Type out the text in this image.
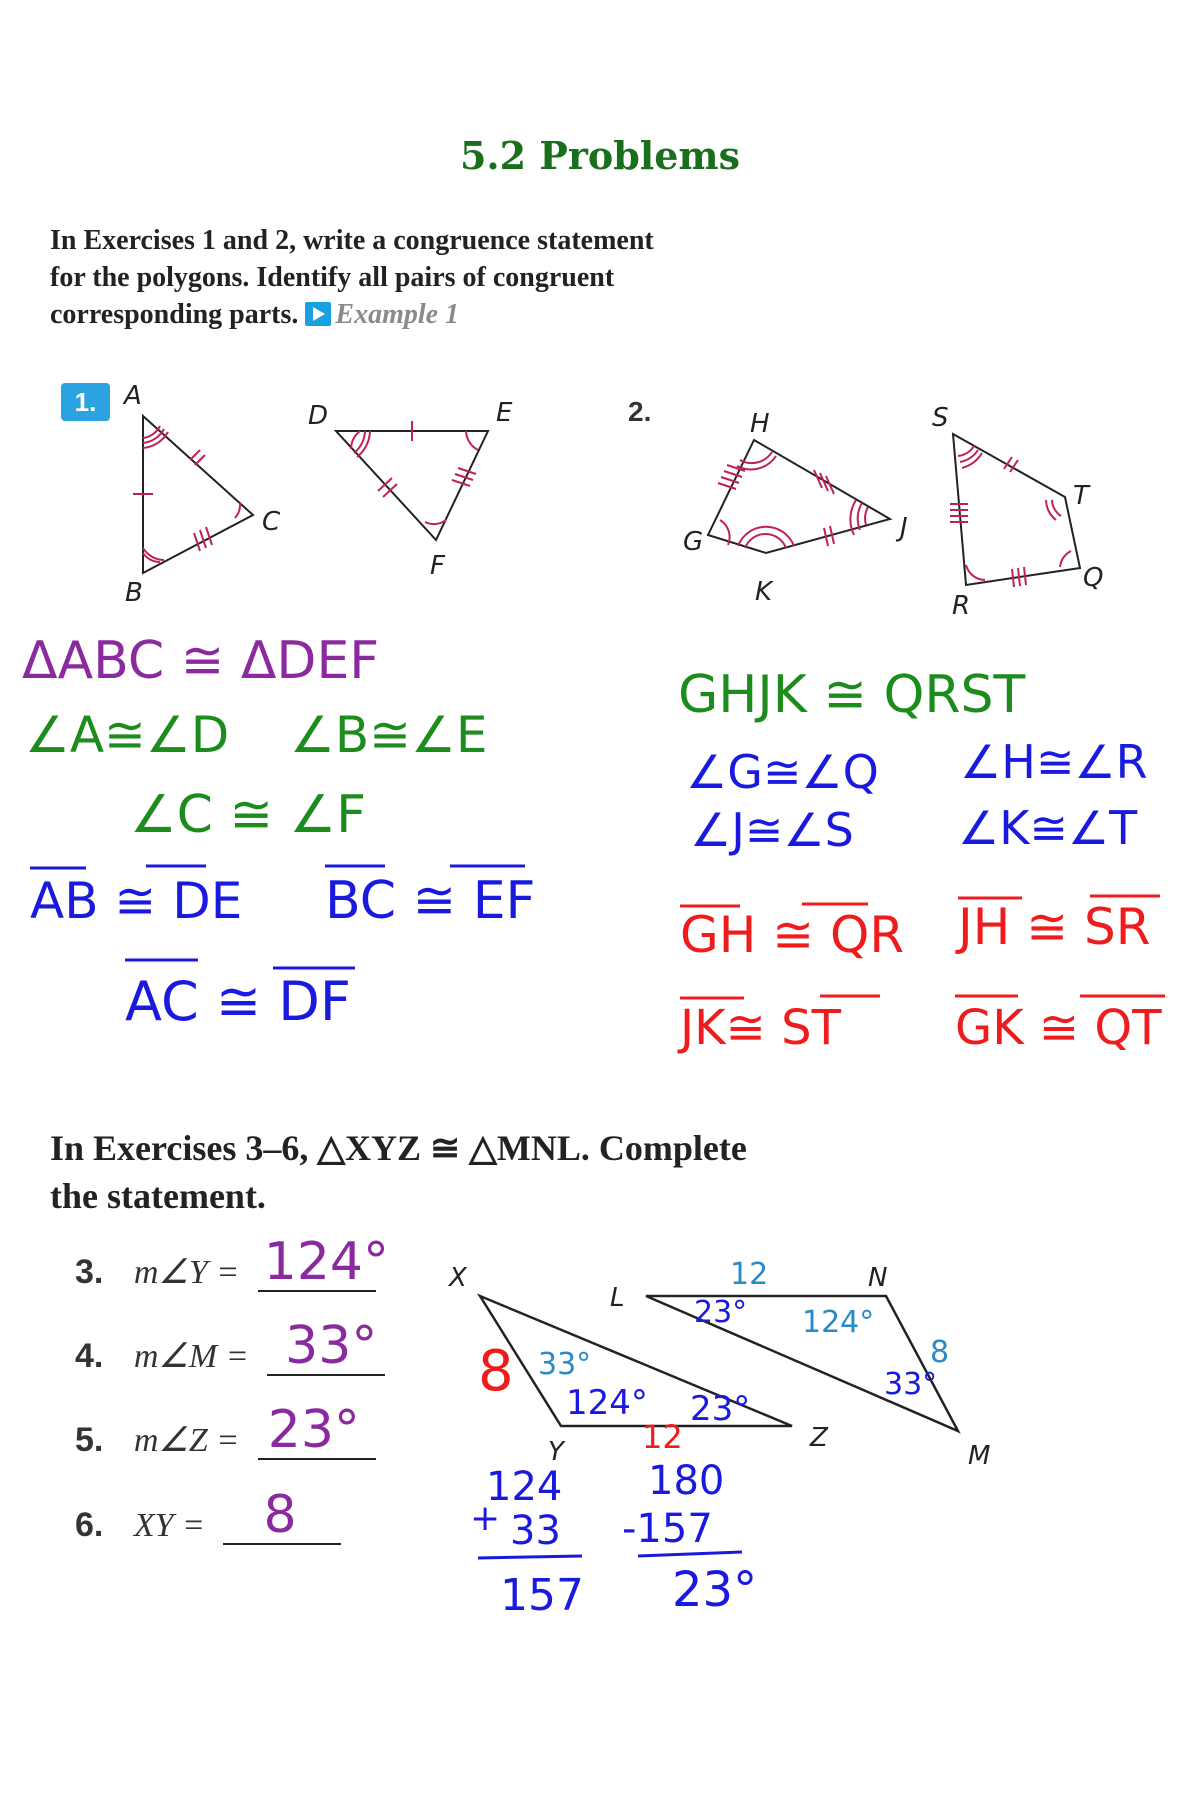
5.2 Problems
In Exercises 1 and 2, write a congruence statement
for the polygons. Identify all pairs of congruent
corresponding parts. Example 1
1.	2.
A
B
C
D	E
F
H
J
K
G
S
T
Q
R
ΔABC ≅ ΔDEF
∠A≅∠D ∠B≅∠E
∠C ≅ ∠F
AB ≅ DE BC ≅ EF
AC ≅ DF
GHJK ≅ QRST
∠G≅∠Q ∠H≅∠R
∠J≅∠S ∠K≅∠T
GH ≅ QR JH ≅ SR
JK≅ ST GK ≅ QT
X
Y	Z
L
N
M
12
124°
8
33°
23°
33°
8 124° 23°
12
124
+ 33
157
180
-157
23°
In Exercises 3–6, △XYZ ≅ △MNL. Complete
the statement.
3. m∠Y = 124°
4. m∠M = 33°
5. m∠Z = 23°
6. XY = 8
